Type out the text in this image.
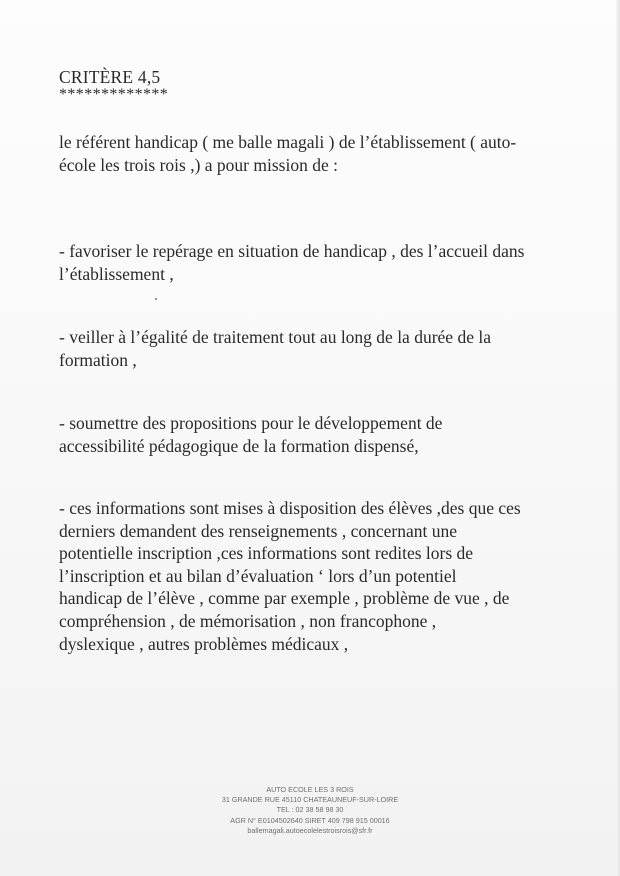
CRITÈRE 4,5
*************
le référent handicap ( me balle magali ) de l’établissement ( auto-
école les trois rois ,) a pour mission de :
- favoriser le repérage en situation de handicap , des l’accueil dans
l’établissement ,
- veiller à l’égalité de traitement tout au long de la durée de la
formation ,
- soumettre des propositions pour le développement de
accessibilité pédagogique de la formation dispensé,
- ces informations sont mises à disposition des élèves ,des que ces
derniers demandent des renseignements , concernant une
potentielle inscription ,ces informations sont redites lors de
l’inscription et au bilan d’évaluation ‘ lors d’un potentiel
handicap de l’élève , comme par exemple , problème de vue , de
compréhension , de mémorisation , non francophone ,
dyslexique , autres problèmes médicaux ,
AUTO ECOLE LES 3 ROIS
31 GRANDE RUE 45110 CHATEAUNEUF-SUR-LOIRE
TEL : 02 38 58 98 30
AGR N° E0104502640 SIRET 409 798 915 00016
ballemagali.autoecolelestroisrois@sfr.fr
